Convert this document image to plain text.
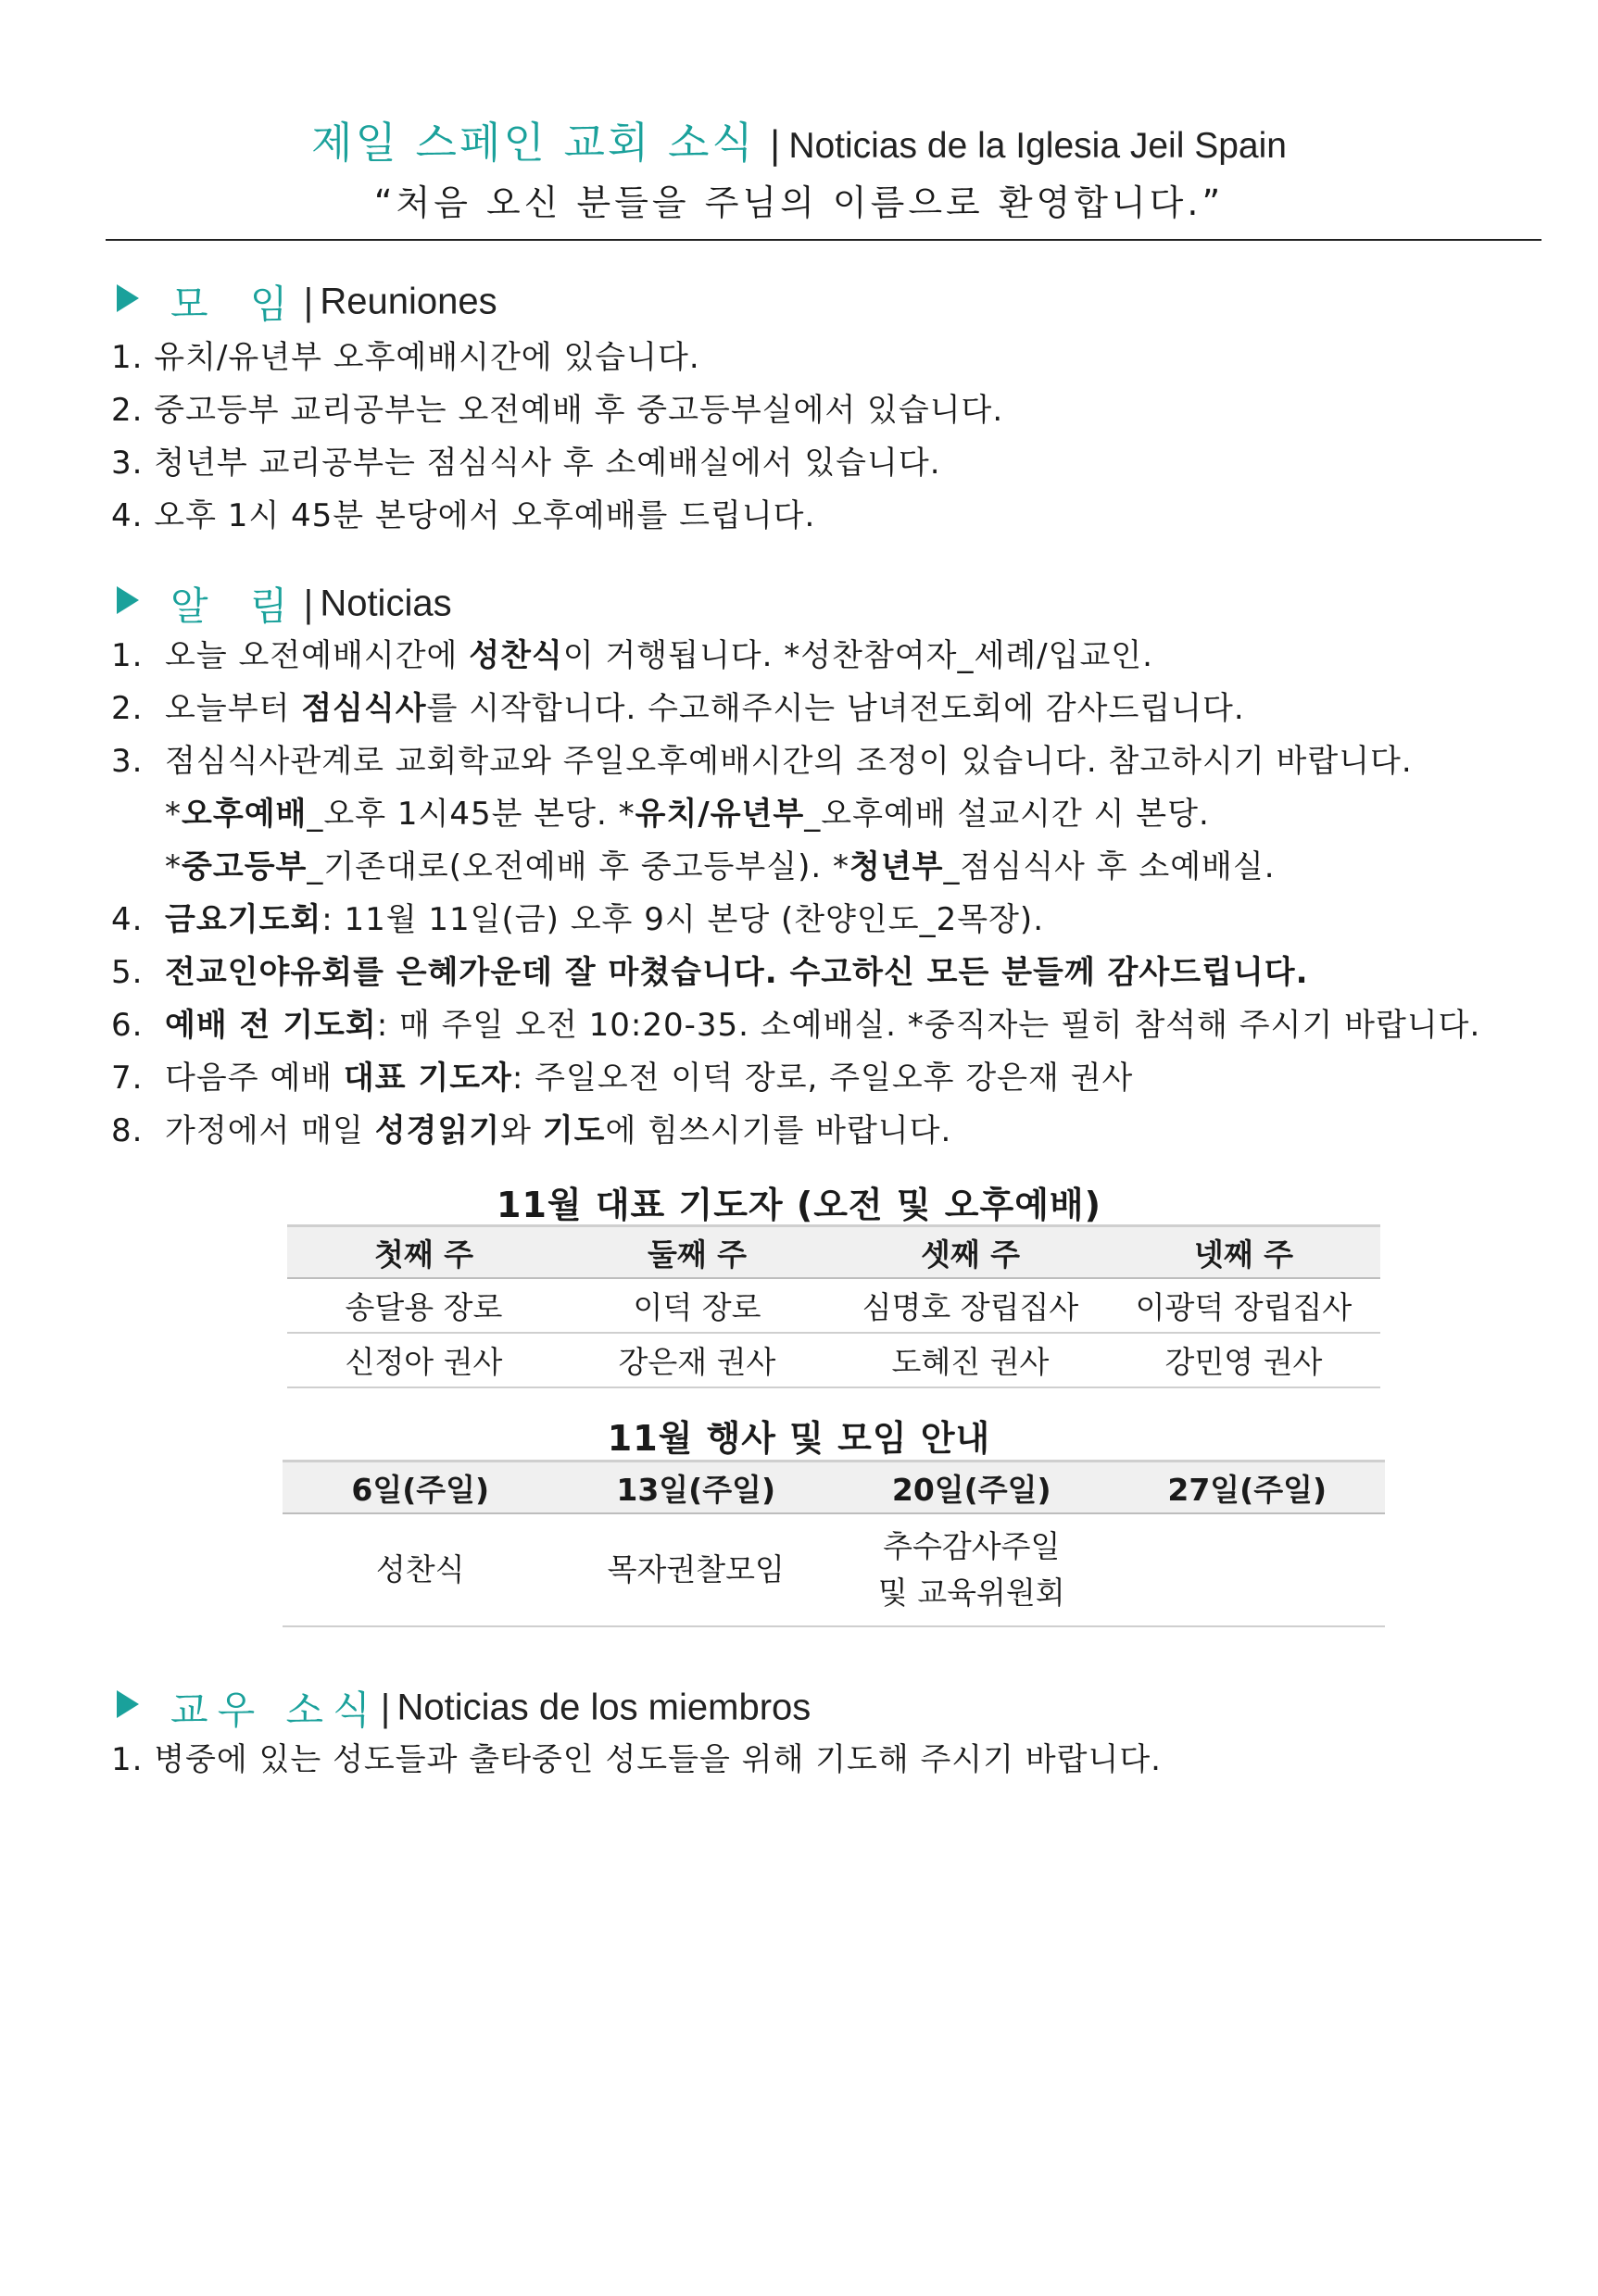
제일 스페인 교회 소식 | Noticias de la Iglesia Jeil Spain
“처음 오신 분들을 주님의 이름으로 환영합니다.”
모 임| Reuniones
1. 유치/유년부 오후예배시간에 있습니다.
2. 중고등부 교리공부는 오전예배 후 중고등부실에서 있습니다.
3. 청년부 교리공부는 점심식사 후 소예배실에서 있습니다.
4. 오후 1시 45분 본당에서 오후예배를 드립니다.
알 림| Noticias
1. 오늘 오전예배시간에 성찬식이 거행됩니다. *성찬참여자_세례/입교인.
2. 오늘부터 점심식사를 시작합니다. 수고해주시는 남녀전도회에 감사드립니다.
3. 점심식사관계로 교회학교와 주일오후예배시간의 조정이 있습니다. 참고하시기 바랍니다.
* 오후예배 _오후 1시45분 본당. * 유치/유년부 _오후예배 설교시간 시 본당.
* 중고등부 _기존대로(오전예배 후 중고등부실). * 청년부 _점심식사 후 소예배실.
4. 금요기도회: 11월 11일(금) 오후 9시 본당 (찬양인도_2목장).
5. 전교인야유회를 은혜가운데 잘 마쳤습니다. 수고하신 모든 분들께 감사드립니다.
6. 예배 전 기도회: 매 주일 오전 10:20-35. 소예배실. *중직자는 필히 참석해 주시기 바랍니다.
7. 다음주 예배 대표 기도자: 주일오전 이덕 장로, 주일오후 강은재 권사
8. 가정에서 매일 성경읽기와 기도에 힘쓰시기를 바랍니다.
11월 대표 기도자 (오전 및 오후예배)
첫째 주	둘째 주	셋째 주	넷째 주
송달용 장로	이덕 장로	심명호 장립집사	이광덕 장립집사
신정아 권사	강은재 권사	도혜진 권사	강민영 권사
11월 행사 및 모임 안내
6일(주일)	13일(주일)	20일(주일)	27일(주일)
성찬식	목자권찰모임	추수감사주일
및 교육위원회	
교우 소식| Noticias de los miembros
1. 병중에 있는 성도들과 출타중인 성도들을 위해 기도해 주시기 바랍니다.
